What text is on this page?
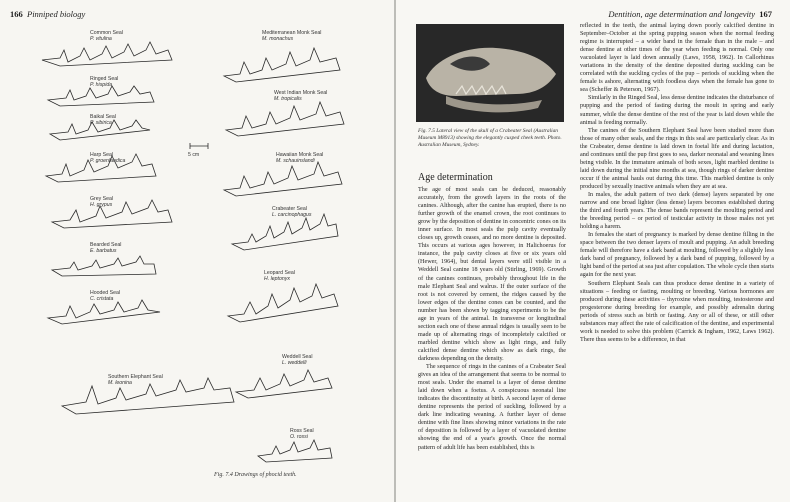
166 Pinniped biology
5 cm
Common Seal
P. vitulina
Ringed Seal
P. hispida
Baikal Seal
P. sibirica
Harp Seal
P. groenlandica
Grey Seal
H. grypus
Bearded Seal
E. barbatus
Hooded Seal
C. cristata
Southern Elephant Seal
M. leonina
Mediterranean Monk Seal
M. monachus
West Indian Monk Seal
M. tropicalis
Hawaiian Monk Seal
M. schauinslandi
Crabeater Seal
L. carcinophagus
Leopard Seal
H. leptonyx
Weddell Seal
L. weddelli
Ross Seal
O. rossi
Fig. 7.4 Drawings of phocid teeth.
Dentition, age determination and longevity 167
Fig. 7.5 Lateral view of the skull of a Crabeater Seal (Australian Museum M8913) showing the elegantly cusped cheek teeth. Photo. Australian Museum, Sydney.
Age determination

The age of most seals can be deduced, reasonably accurately, from the growth layers in the roots of the canines. Although, after the canine has erupted, there is no further growth of the enamel crown, the root continues to grow by the deposition of dentine in concentric cones on its inner surface. In most seals the pulp cavity eventually closes up, growth ceases, and no more dentine is deposited. This occurs at various ages however, in Halichoerus for instance, the pulp cavity closes at five or six years old (Hewer, 1964), but dental layers were still visible in a Weddell Seal canine 18 years old (Stirling, 1969). Growth of the canines continues, probably throughout life in the male Elephant Seal and walrus. If the outer surface of the root is not covered by cement, the ridges caused by the lower edges of the dentine cones can be counted, and the number has been shown by tagging experiments to be the age in years of the animal. In transverse or longitudinal section each one of these annual ridges is usually seen to be made up of alternating rings of incompletely calcified or marbled dentine which show as light rings, and fully calcified dense dentine which show as dark rings, the darkness depending on the density.

The sequence of rings in the canines of a Crabeater Seal gives an idea of the arrangement that seems to be normal to most seals. Under the enamel is a layer of dense dentine laid down when a foetus. A conspicuous neonatal line indicates the discontinuity at birth. A second layer of dense dentine represents the period of suckling, followed by a dark line indicating weaning. A further layer of dense dentine with fine lines showing minor variations in the rate of deposition is followed by a layer of vacuolated dentine showing the end of a year's growth. Once the normal pattern of adult life has been established, this is

reflected in the teeth, the animal laying down poorly calcified dentine in September–October at the spring pupping season when the normal feeding regime is interrupted – a wider band in the female than in the male – and dense dentine at other times of the year when feeding is normal. Only one vacuolated layer is laid down annually (Laws, 1958, 1962). In Callorhinus variations in the density of the dentine deposited during suckling can be correlated with the suckling cycles of the pup – periods of suckling when the female is ashore, alternating with foodless days when the female has gone to sea (Scheffer & Peterson, 1967).

Similarly in the Ringed Seal, less dense dentine indicates the disturbance of pupping and the period of fasting during the moult in spring and early summer, while the dense dentine of the rest of the year is laid down while the animal is feeding normally.

The canines of the Southern Elephant Seal have been studied more than those of many other seals, and the rings in this seal are particularly clear. As in the Crabeater, dense dentine is laid down in foetal life and during lactation, and continues until the pup first goes to sea, darker neonatal and weaning lines being visible. In the immature animals of both sexes, light marbled dentine is laid down during the initial nine months at sea, though rings of darker dentine occur if the animal hauls out during this time. This marbled dentine is only produced by sexually inactive animals when they are at sea.

In males, the adult pattern of two dark (dense) layers separated by one narrow and one broad lighter (less dense) layers becomes established during the third and fourth years. The dense bands represent the moulting period and the breeding period – or period of testicular activity in those males not yet holding a harem.

In females the start of pregnancy is marked by dense dentine filling in the space between the two denser layers of moult and pupping. An adult breeding female will therefore have a dark band at moulting, followed by a slightly less dark band of pregnancy, followed by a dark band of pupping, followed by a light band of the period at sea just after copulation. The whole cycle then starts again for the next year.

Southern Elephant Seals can thus produce dense dentine in a variety of situations – feeding or fasting, moulting or breeding. Various hormones are produced during these activities – thyroxine when moulting, testosterone and progesterone during breeding for example, and possibly adrenalin during periods of stress such as birth or fasting. Any or all of these, or still other substances may affect the rate of calcification of the dentine, and experimental work is needed to solve this problem (Carrick & Ingham, 1962, Laws 1962). There thus seems to be a difference, in that
